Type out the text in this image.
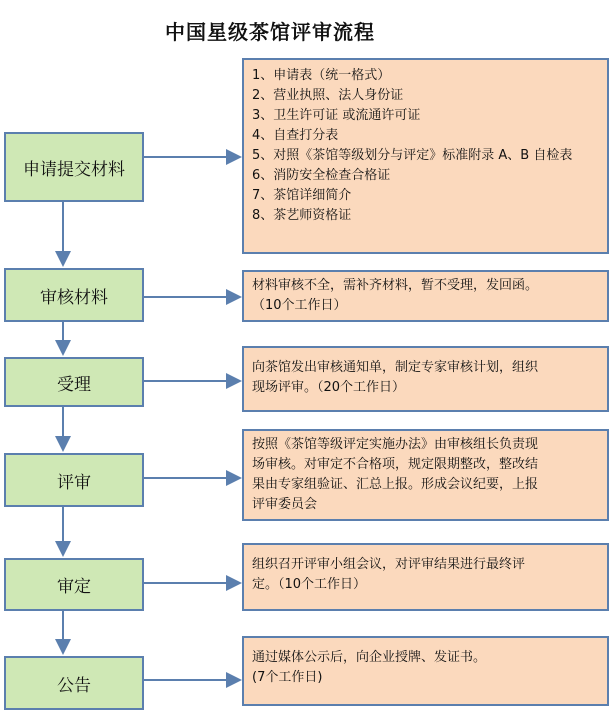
中国星级茶馆评审流程
申请提交材料
审核材料
受理
评审
审定
公告
1、申请表（统一格式）
2、营业执照、法人身份证
3、卫生许可证 或流通许可证
4、自查打分表
5、对照《茶馆等级划分与评定》标准附录 A、B 自检表
6、消防安全检查合格证
7、茶馆详细简介
8、茶艺师资格证
材料审核不全，需补齐材料，暂不受理，发回函。
（10个工作日）
向茶馆发出审核通知单，制定专家审核计划，组织
现场评审。（20个工作日）
按照《茶馆等级评定实施办法》由审核组长负责现
场审核。对审定不合格项，规定限期整改，整改结
果由专家组验证、汇总上报。形成会议纪要，上报
评审委员会
组织召开评审小组会议，对评审结果进行最终评
定。（10个工作日）
通过媒体公示后，向企业授牌、发证书。
(7个工作日)
